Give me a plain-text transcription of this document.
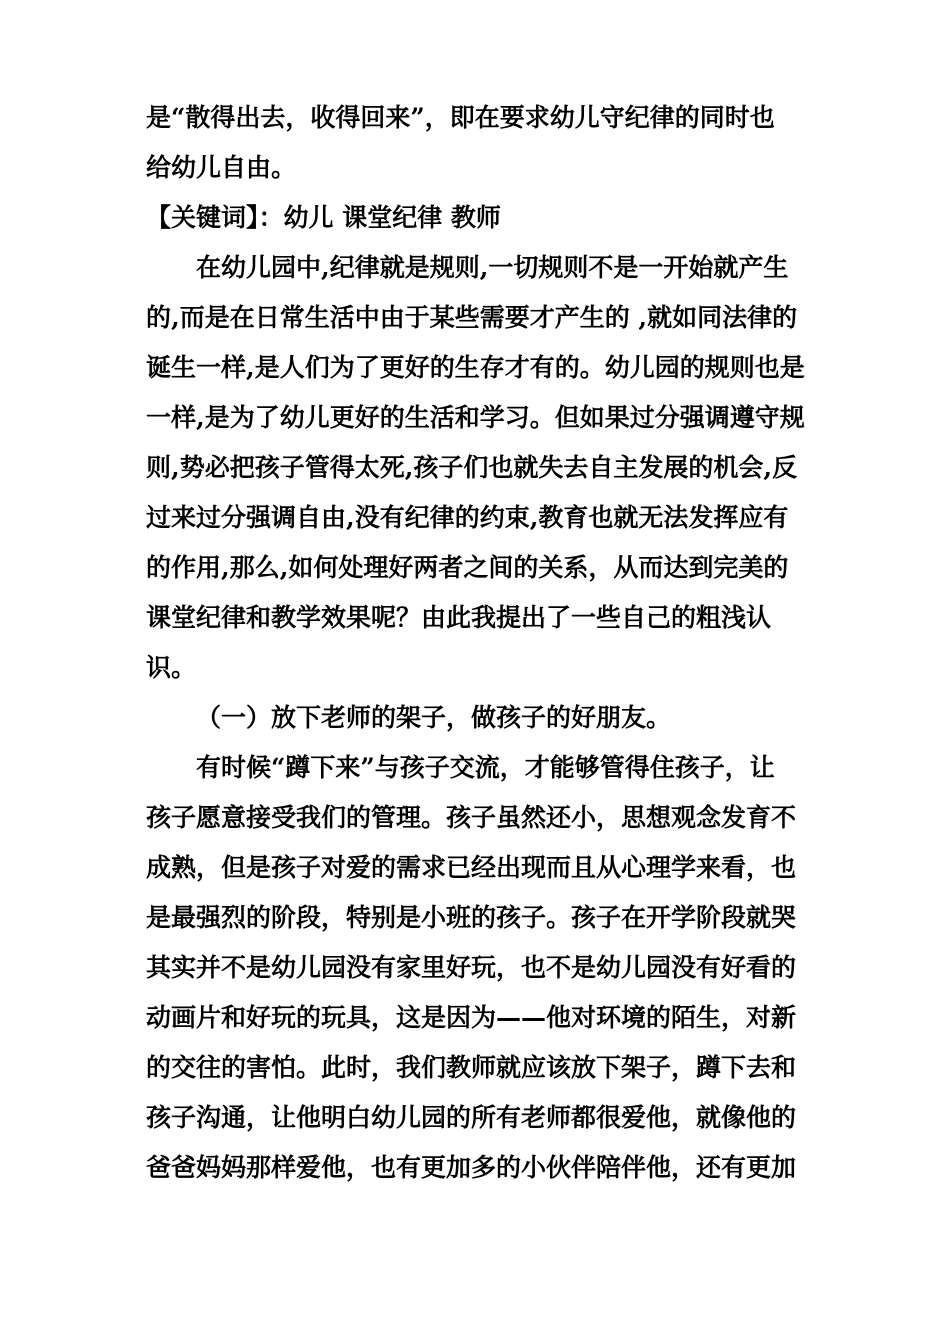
是“散得出去，收得回来”，即在要求幼儿守纪律的同时也
给幼儿自由。
【关键词】：幼儿 课堂纪律 教师
在幼儿园中,纪律就是规则,一切规则不是一开始就产生
的,而是在日常生活中由于某些需要才产生的 ,就如同法律的
诞生一样,是人们为了更好的生存才有的。幼儿园的规则也是
一样,是为了幼儿更好的生活和学习。但如果过分强调遵守规
则,势必把孩子管得太死,孩子们也就失去自主发展的机会,反
过来过分强调自由,没有纪律的约束,教育也就无法发挥应有
的作用,那么,如何处理好两者之间的关系，从而达到完美的
课堂纪律和教学效果呢？由此我提出了一些自己的粗浅认
识。
（一）放下老师的架子，做孩子的好朋友。
有时候“蹲下来”与孩子交流，才能够管得住孩子，让
孩子愿意接受我们的管理。孩子虽然还小，思想观念发育不
成熟，但是孩子对爱的需求已经出现而且从心理学来看，也
是最强烈的阶段，特别是小班的孩子。孩子在开学阶段就哭
其实并不是幼儿园没有家里好玩，也不是幼儿园没有好看的
动画片和好玩的玩具，这是因为——他对环境的陌生，对新
的交往的害怕。此时，我们教师就应该放下架子，蹲下去和
孩子沟通，让他明白幼儿园的所有老师都很爱他，就像他的
爸爸妈妈那样爱他，也有更加多的小伙伴陪伴他，还有更加
